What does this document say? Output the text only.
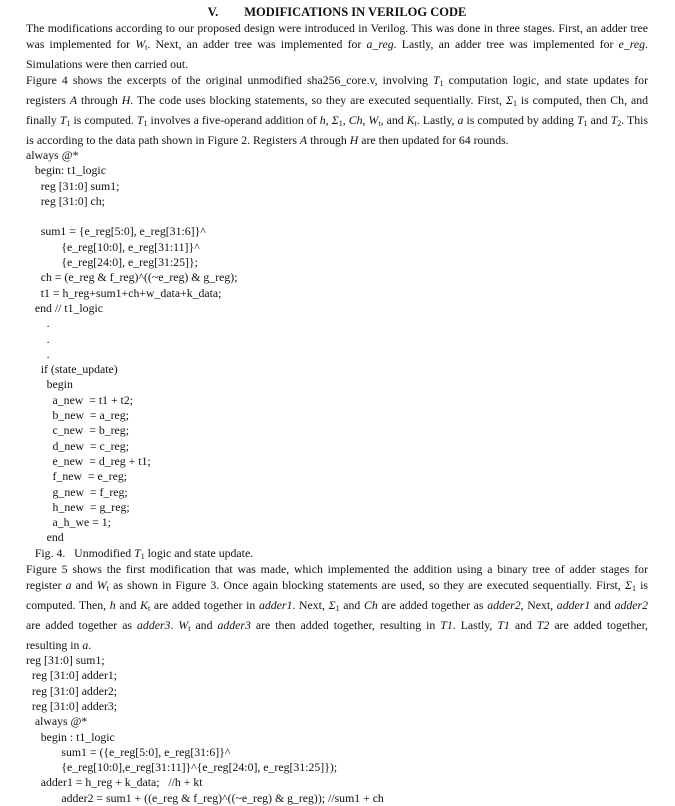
V. MODIFICATIONS IN VERILOG CODE
The modifications according to our proposed design were introduced in Verilog. This was done in three stages. First, an adder tree was implemented for $W_t$. Next, an adder tree was implemented for a_reg. Lastly, an adder tree was implemented for e_reg. Simulations were then carried out.
Figure 4 shows the excerpts of the original unmodified sha256_core.v, involving $T_1$ computation logic, and state updates for registers A through H. The code uses blocking statements, so they are executed sequentially. First, $\Sigma_1$ is computed, then Ch, and finally $T_1$ is computed. $T_1$ involves a five-operand addition of h, $\Sigma_1$, Ch, $W_t$, and $K_t$. Lastly, a is computed by adding $T_1$ and $T_2$. This is according to the data path shown in Figure 2. Registers A through H are then updated for 64 rounds.
always @*
begin: t1_logic
reg [31:0] sum1;
reg [31:0] ch;
sum1 = {e_reg[5:0], e_reg[31:6]}^
{e_reg[10:0], e_reg[31:11]}^
{e_reg[24:0], e_reg[31:25]};
ch = (e_reg & f_reg)^((~e_reg) & g_reg);
t1 = h_reg+sum1+ch+w_data+k_data;
end // t1_logic
.
.
.
if (state_update)
begin
a_new  = t1 + t2;
b_new  = a_reg;
c_new  = b_reg;
d_new  = c_reg;
e_new  = d_reg + t1;
f_new  = e_reg;
g_new  = f_reg;
h_new  = g_reg;
a_h_we = 1;
end
Fig. 4.   Unmodified $T_1$ logic and state update.
Figure 5 shows the first modification that was made, which implemented the addition using a binary tree of adder stages for register a and $W_t$ as shown in Figure 3. Once again blocking statements are used, so they are executed sequentially. First, $\Sigma_1$ is computed. Then, h and $K_t$ are added together in adder1. Next, $\Sigma_1$ and Ch are added together as adder2, Next, adder1 and adder2 are added together as adder3. $W_t$ and adder3 are then added together, resulting in T1. Lastly, T1 and T2 are added together, resulting in a.
reg [31:0] sum1;
reg [31:0] adder1;
reg [31:0] adder2;
reg [31:0] adder3;
always @*
begin : t1_logic
sum1 = ({e_reg[5:0], e_reg[31:6]}^
{e_reg[10:0],e_reg[31:11]}^{e_reg[24:0], e_reg[31:25]});
adder1 = h_reg + k_data;   //h + kt
adder2 = sum1 + ((e_reg & f_reg)^((~e_reg) & g_reg)); //sum1 + ch
